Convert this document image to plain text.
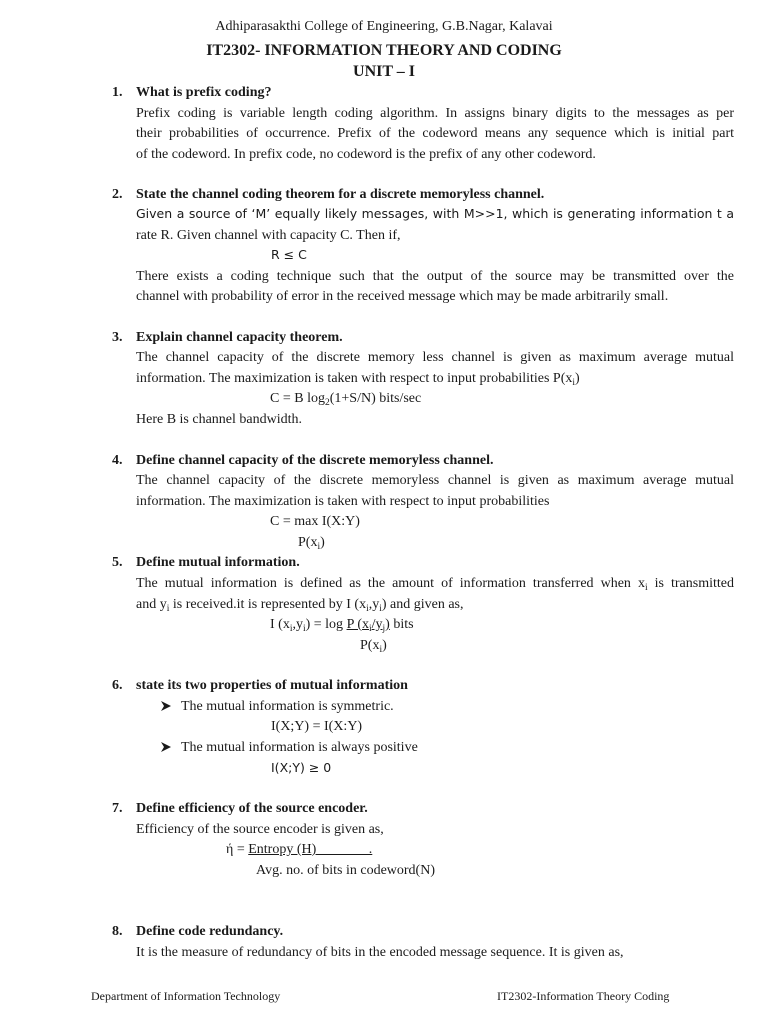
Adhiparasakthi College of Engineering, G.B.Nagar, Kalavai
IT2302- INFORMATION THEORY AND CODING
UNIT – I
1. What is prefix coding?
Prefix coding is variable length coding algorithm. In assigns binary digits to the messages as per
their probabilities of occurrence. Prefix of the codeword means any sequence which is initial part
of the codeword. In prefix code, no codeword is the prefix of any other codeword.
2. State the channel coding theorem for a discrete memoryless channel.
Given a source of ‘M’ equally likely messages, with M>>1, which is generating information t a
rate R. Given channel with capacity C. Then if,
R ≤ C
There exists a coding technique such that the output of the source may be transmitted over the
channel with probability of error in the received message which may be made arbitrarily small.
3. Explain channel capacity theorem.
The channel capacity of the discrete memory less channel is given as maximum average mutual
information. The maximization is taken with respect to input probabilities $P(x_i)$
C = B $\log_2(1+S/N)$ bits/sec
Here B is channel bandwidth.
4. Define channel capacity of the discrete memoryless channel.
The channel capacity of the discrete memoryless channel is given as maximum average mutual
information. The maximization is taken with respect to input probabilities
C = max I(X:Y)
$P(x_i)$
5. Define mutual information.
The mutual information is defined as the amount of information transferred when $x_i$ is transmitted
and $y_i$ is received.it is represented by I $(x_i,y_i)$ and given as,
I $(x_i,y_i) = \log P$ $(x_i/y_j)$ bits
$P(x_i)$
6. state its two properties of mutual information
The mutual information is symmetric.
I(X;Y) = I(X:Y)
The mutual information is always positive
I(X;Y) ≥ 0
7. Define efficiency of the source encoder.
Efficiency of the source encoder is given as,
ή = Entropy (H)               .
Avg. no. of bits in codeword(N)
8. Define code redundancy.
It is the measure of redundancy of bits in the encoded message sequence. It is given as,
Department of Information Technology	IT2302-Information Theory Coding
